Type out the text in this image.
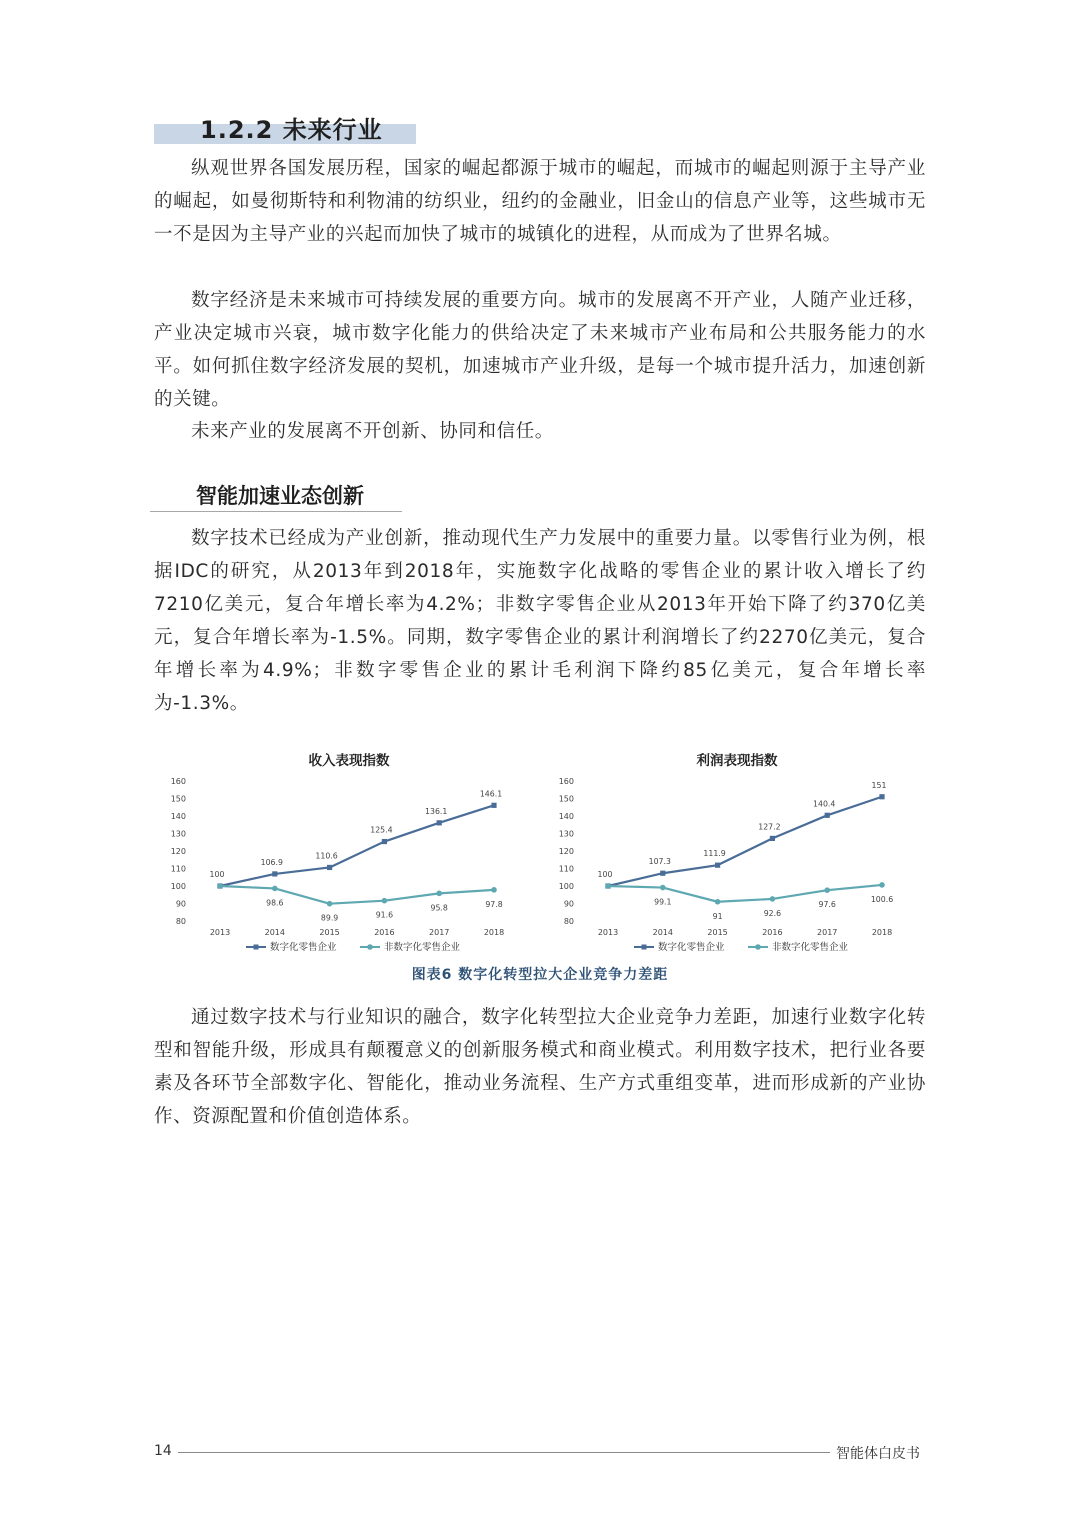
1.2.2 未来行业

纵观世界各国发展历程，国家的崛起都源于城市的崛起，而城市的崛起则源于主导产业的崛起，如曼彻斯特和利物浦的纺织业，纽约的金融业，旧金山的信息产业等，这些城市无一不是因为主导产业的兴起而加快了城市的城镇化的进程，从而成为了世界名城。

数字经济是未来城市可持续发展的重要方向。城市的发展离不开产业，人随产业迁移，产业决定城市兴衰，城市数字化能力的供给决定了未来城市产业布局和公共服务能力的水平。如何抓住数字经济发展的契机，加速城市产业升级，是每一个城市提升活力，加速创新的关键。

未来产业的发展离不开创新、协同和信任。

智能加速业态创新

数字技术已经成为产业创新，推动现代生产力发展中的重要力量。以零售行业为例，根据IDC的研究，从2013年到2018年，实施数字化战略的零售企业的累计收入增长了约7210亿美元，复合年增长率为4.2%；非数字零售企业从2013年开始下降了约370亿美元，复合年增长率为-1.5%。同期，数字零售企业的累计利润增长了约2270亿美元，复合年增长率为4.9%；非数字零售企业的累计毛利润下降约85亿美元，复合年增长率为-1.3%。

收入表现指数
80
90
100
110
120
130
140
150
160
2013	2014	2015	2016	2017	2018
100
106.9
110.6
125.4
136.1
146.1
98.6
89.9	91.6
95.8	97.8
数字化零售企业	非数字化零售企业
利润表现指数
80
90
100
110
120
130
140
150
160
2013	2014	2015	2016	2017	2018
100
107.3
111.9
127.2
140.4
151
99.1
91	92.6
97.6
100.6
数字化零售企业	非数字化零售企业
图表6 数字化转型拉大企业竞争力差距

通过数字技术与行业知识的融合，数字化转型拉大企业竞争力差距，加速行业数字化转型和智能升级，形成具有颠覆意义的创新服务模式和商业模式。利用数字技术，把行业各要素及各环节全部数字化、智能化，推动业务流程、生产方式重组变革，进而形成新的产业协作、资源配置和价值创造体系。

14	智能体白皮书
